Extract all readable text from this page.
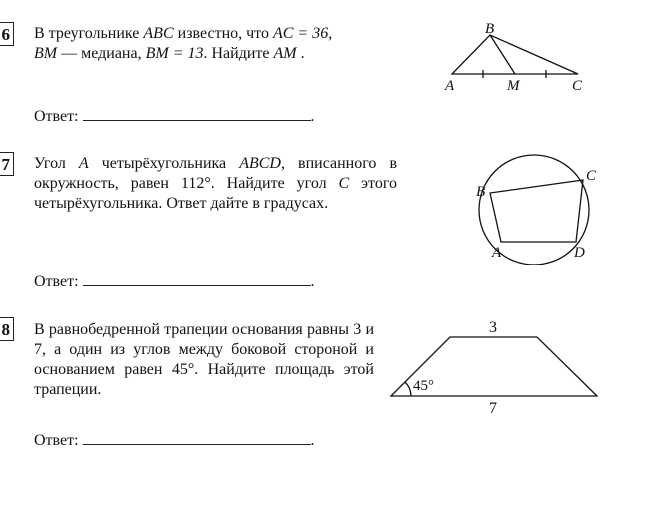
6 В треугольнике ABC известно, что AC = 36,
BM — медиана, BM = 13. Найдите AM .
Ответ:	.
B
A	M	C
7 Угол A четырёхугольника ABCD, вписанного в окружность, равен 112°. Найдите угол C этого четырёхугольника. Ответ дайте в градусах.
Ответ:	.
B
C
A	D
8 В равнобедренной трапеции основания равны 3 и 7, а один из углов между боковой стороной и основанием равен 45°. Найдите площадь этой трапеции.
Ответ:	.
3
7
45°
